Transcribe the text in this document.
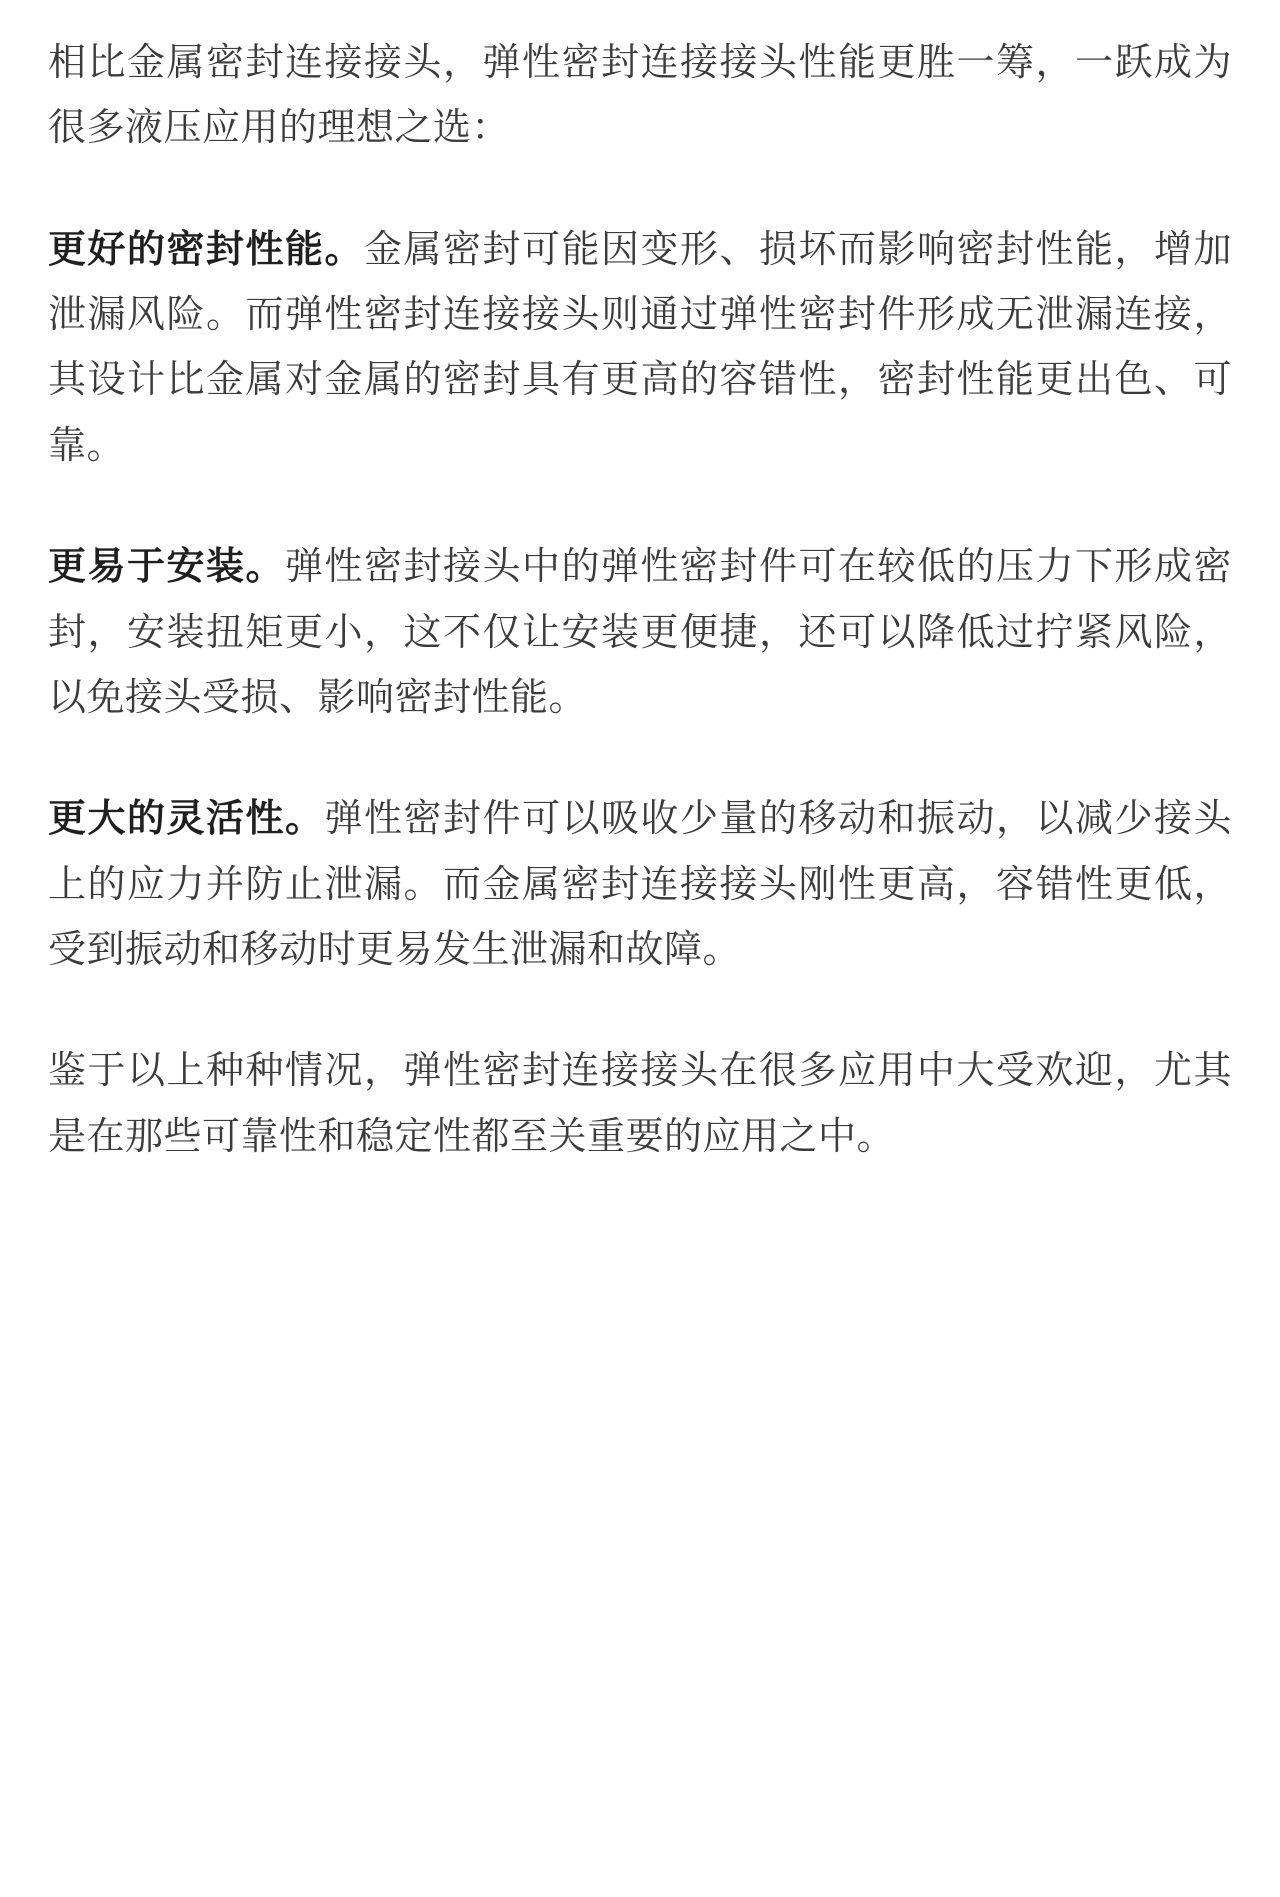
相比金属密封连接接头，弹性密封连接接头性能更胜一筹，一跃成为很多液压应用的理想之选：

更好的密封性能。金属密封可能因变形、损坏而影响密封性能，增加泄漏风险。而弹性密封连接接头则通过弹性密封件形成无泄漏连接，其设计比金属对金属的密封具有更高的容错性，密封性能更出色、可靠。

更易于安装。弹性密封接头中的弹性密封件可在较低的压力下形成密封，安装扭矩更小，这不仅让安装更便捷，还可以降低过拧紧风险，以免接头受损、影响密封性能。

更大的灵活性。弹性密封件可以吸收少量的移动和振动，以减少接头上的应力并防止泄漏。而金属密封连接接头刚性更高，容错性更低，受到振动和移动时更易发生泄漏和故障。

鉴于以上种种情况，弹性密封连接接头在很多应用中大受欢迎，尤其是在那些可靠性和稳定性都至关重要的应用之中。
